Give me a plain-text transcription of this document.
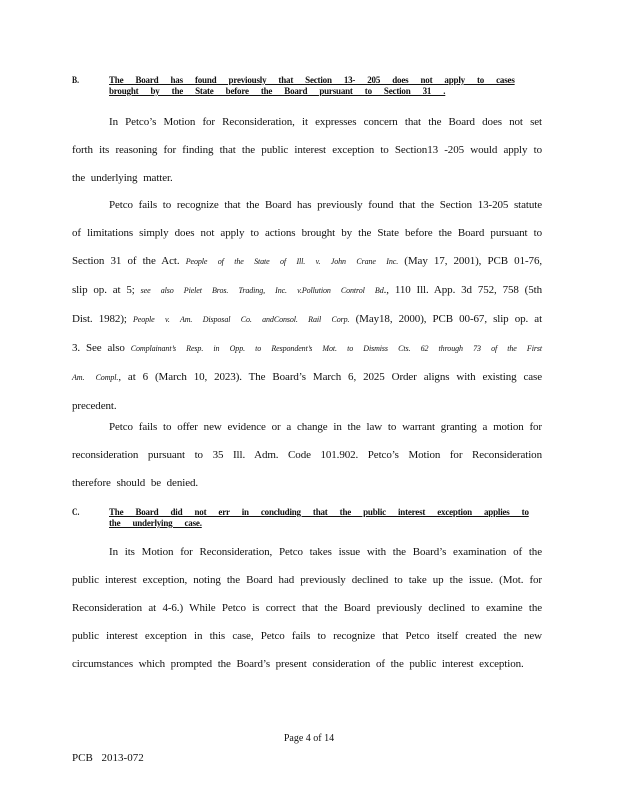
B.	The Board has found previously that Section 13- 205 does not apply to cases brought by the State before the Board pursuant to Section 31 .

In Petco’s Motion for Reconsideration, it expresses concern that the Board does not set forth its reasoning for finding that the public interest exception to Section13 -205 would apply to the underlying matter.

Petco fails to recognize that the Board has previously found that the Section 13-205 statute of limitations simply does not apply to actions brought by the State before the Board pursuant to Section 31 of the Act. People of the State of Ill. v. John Crane Inc. (May 17, 2001), PCB 01-76, slip op. at 5; see also Pielet Bros. Trading, Inc. v.Pollution Control Bd., 110 Ill. App. 3d 752, 758 (5th Dist. 1982); People v. Am. Disposal Co. andConsol. Rail Corp. (May18, 2000), PCB 00-67, slip op. at 3. See also Complainant’s Resp. in Opp. to Respondent’s Mot. to Dismiss Cts. 62 through 73 of the First Am. Compl., at 6 (March 10, 2023). The Board’s March 6, 2025 Order aligns with existing case precedent.

Petco fails to offer new evidence or a change in the law to warrant granting a motion for reconsideration pursuant to 35 Ill. Adm. Code 101.902. Petco’s Motion for Reconsideration therefore should be denied.

C.	The Board did not err in concluding that the public interest exception applies to the underlying case.

In its Motion for Reconsideration, Petco takes issue with the Board’s examination of the public interest exception, noting the Board had previously declined to take up the issue. (Mot. for Reconsideration at 4-6.) While Petco is correct that the Board previously declined to examine the public interest exception in this case, Petco fails to recognize that Petco itself created the new circumstances which prompted the Board’s present consideration of the public interest exception.

Page 4 of 14
PCB 2013-072
